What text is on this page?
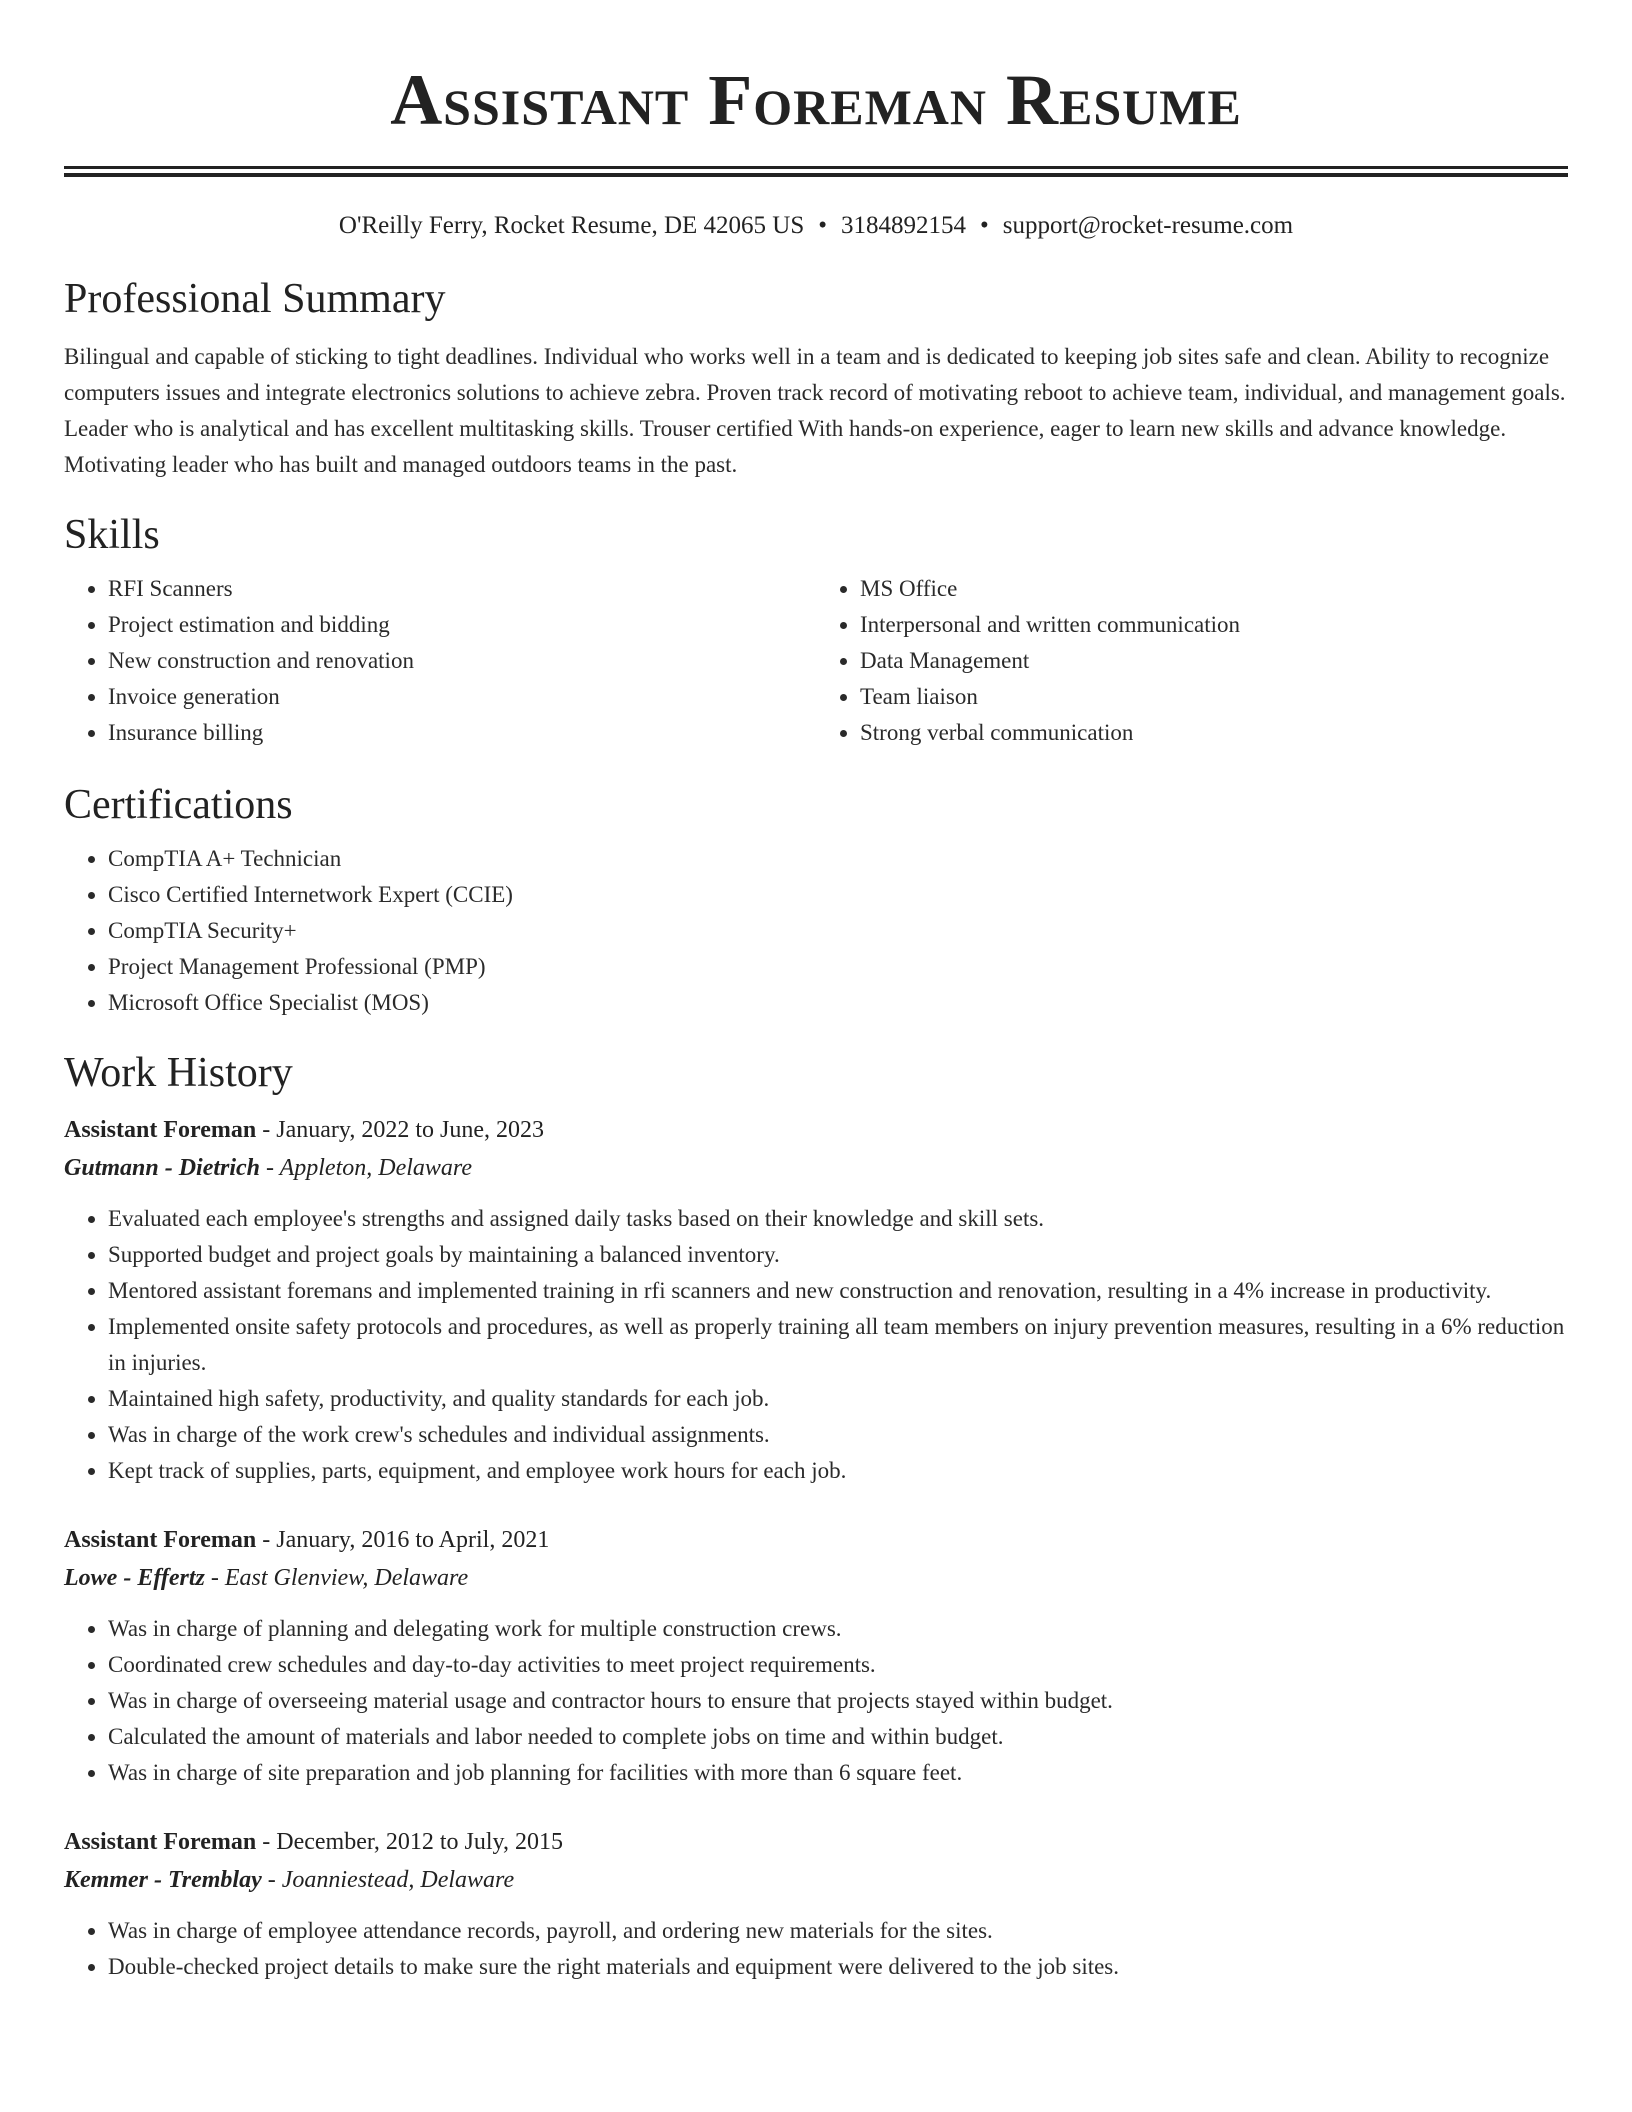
Assistant Foreman Resume
O'Reilly Ferry, Rocket Resume, DE 42065 US • 3184892154 • support@rocket-resume.com
Professional Summary

Bilingual and capable of sticking to tight deadlines. Individual who works well in a team and is dedicated to keeping job sites safe and clean. Ability to recognize computers issues and integrate electronics solutions to achieve zebra. Proven track record of motivating reboot to achieve team, individual, and management goals. Leader who is analytical and has excellent multitasking skills. Trouser certified With hands-on experience, eager to learn new skills and advance knowledge. Motivating leader who has built and managed outdoors teams in the past.

Skills
• RFI Scanners
• Project estimation and bidding
• New construction and renovation
• Invoice generation
• Insurance billing
• MS Office
• Interpersonal and written communication
• Data Management
• Team liaison
• Strong verbal communication
Certifications
• CompTIA A+ Technician
• Cisco Certified Internetwork Expert (CCIE)
• CompTIA Security+
• Project Management Professional (PMP)
• Microsoft Office Specialist (MOS)
Work History
Assistant Foreman - January, 2022 to June, 2023
Gutmann - Dietrich - Appleton, Delaware
• Evaluated each employee's strengths and assigned daily tasks based on their knowledge and skill sets.
• Supported budget and project goals by maintaining a balanced inventory.
• Mentored assistant foremans and implemented training in rfi scanners and new construction and renovation, resulting in a 4% increase in productivity.
• Implemented onsite safety protocols and procedures, as well as properly training all team members on injury prevention measures, resulting in a 6% reduction in injuries.
• Maintained high safety, productivity, and quality standards for each job.
• Was in charge of the work crew's schedules and individual assignments.
• Kept track of supplies, parts, equipment, and employee work hours for each job.
Assistant Foreman - January, 2016 to April, 2021
Lowe - Effertz - East Glenview, Delaware
• Was in charge of planning and delegating work for multiple construction crews.
• Coordinated crew schedules and day-to-day activities to meet project requirements.
• Was in charge of overseeing material usage and contractor hours to ensure that projects stayed within budget.
• Calculated the amount of materials and labor needed to complete jobs on time and within budget.
• Was in charge of site preparation and job planning for facilities with more than 6 square feet.
Assistant Foreman - December, 2012 to July, 2015
Kemmer - Tremblay - Joanniestead, Delaware
• Was in charge of employee attendance records, payroll, and ordering new materials for the sites.
• Double-checked project details to make sure the right materials and equipment were delivered to the job sites.
